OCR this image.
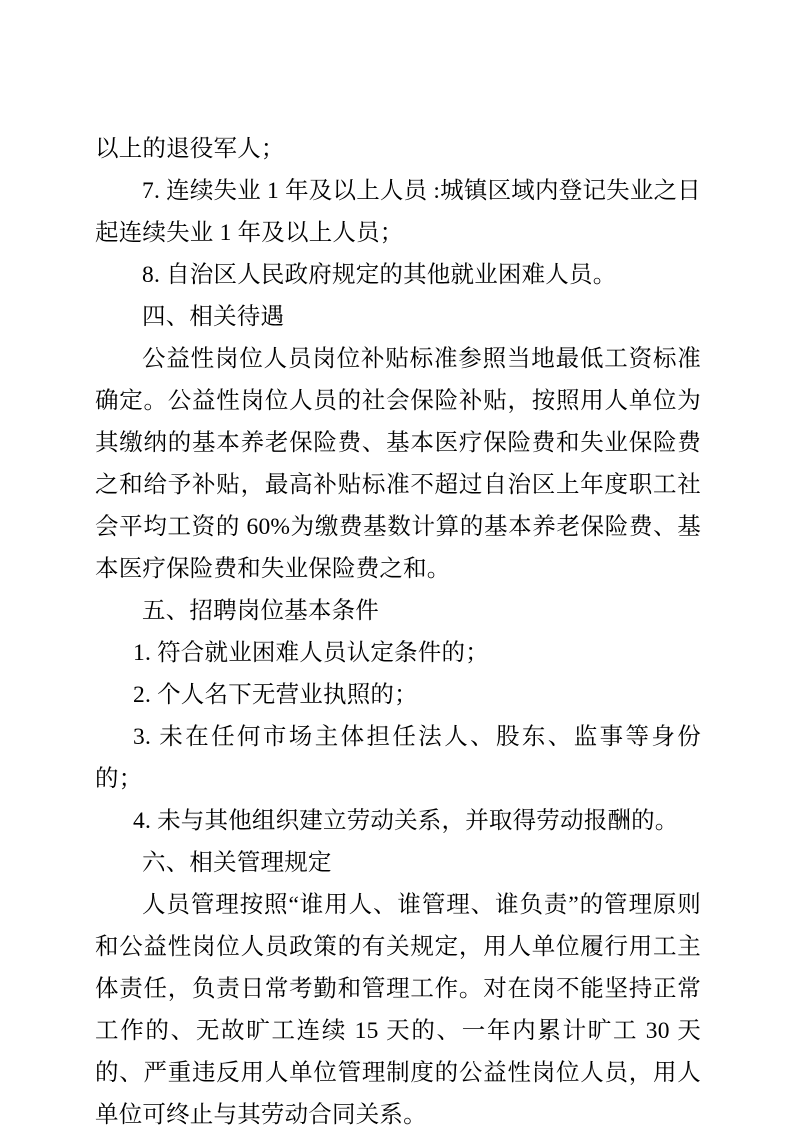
以上的退役军人；

7. 连续失业 1 年及以上人员 :城镇区域内登记失业之日起连续失业 1 年及以上人员；

8. 自治区人民政府规定的其他就业困难人员。

四、相关待遇

公益性岗位人员岗位补贴标准参照当地最低工资标准确定。公益性岗位人员的社会保险补贴，按照用人单位为其缴纳的基本养老保险费、基本医疗保险费和失业保险费之和给予补贴，最高补贴标准不超过自治区上年度职工社会平均工资的 60%为缴费基数计算的基本养老保险费、基本医疗保险费和失业保险费之和。

五、招聘岗位基本条件

1. 符合就业困难人员认定条件的；

2. 个人名下无营业执照的；

3. 未在任何市场主体担任法人、股东、监事等身份的；

4. 未与其他组织建立劳动关系，并取得劳动报酬的。

六、相关管理规定

人员管理按照“谁用人、谁管理、谁负责”的管理原则和公益性岗位人员政策的有关规定，用人单位履行用工主体责任，负责日常考勤和管理工作。对在岗不能坚持正常工作的、无故旷工连续 15 天的、一年内累计旷工 30 天的、严重违反用人单位管理制度的公益性岗位人员，用人单位可终止与其劳动合同关系。
